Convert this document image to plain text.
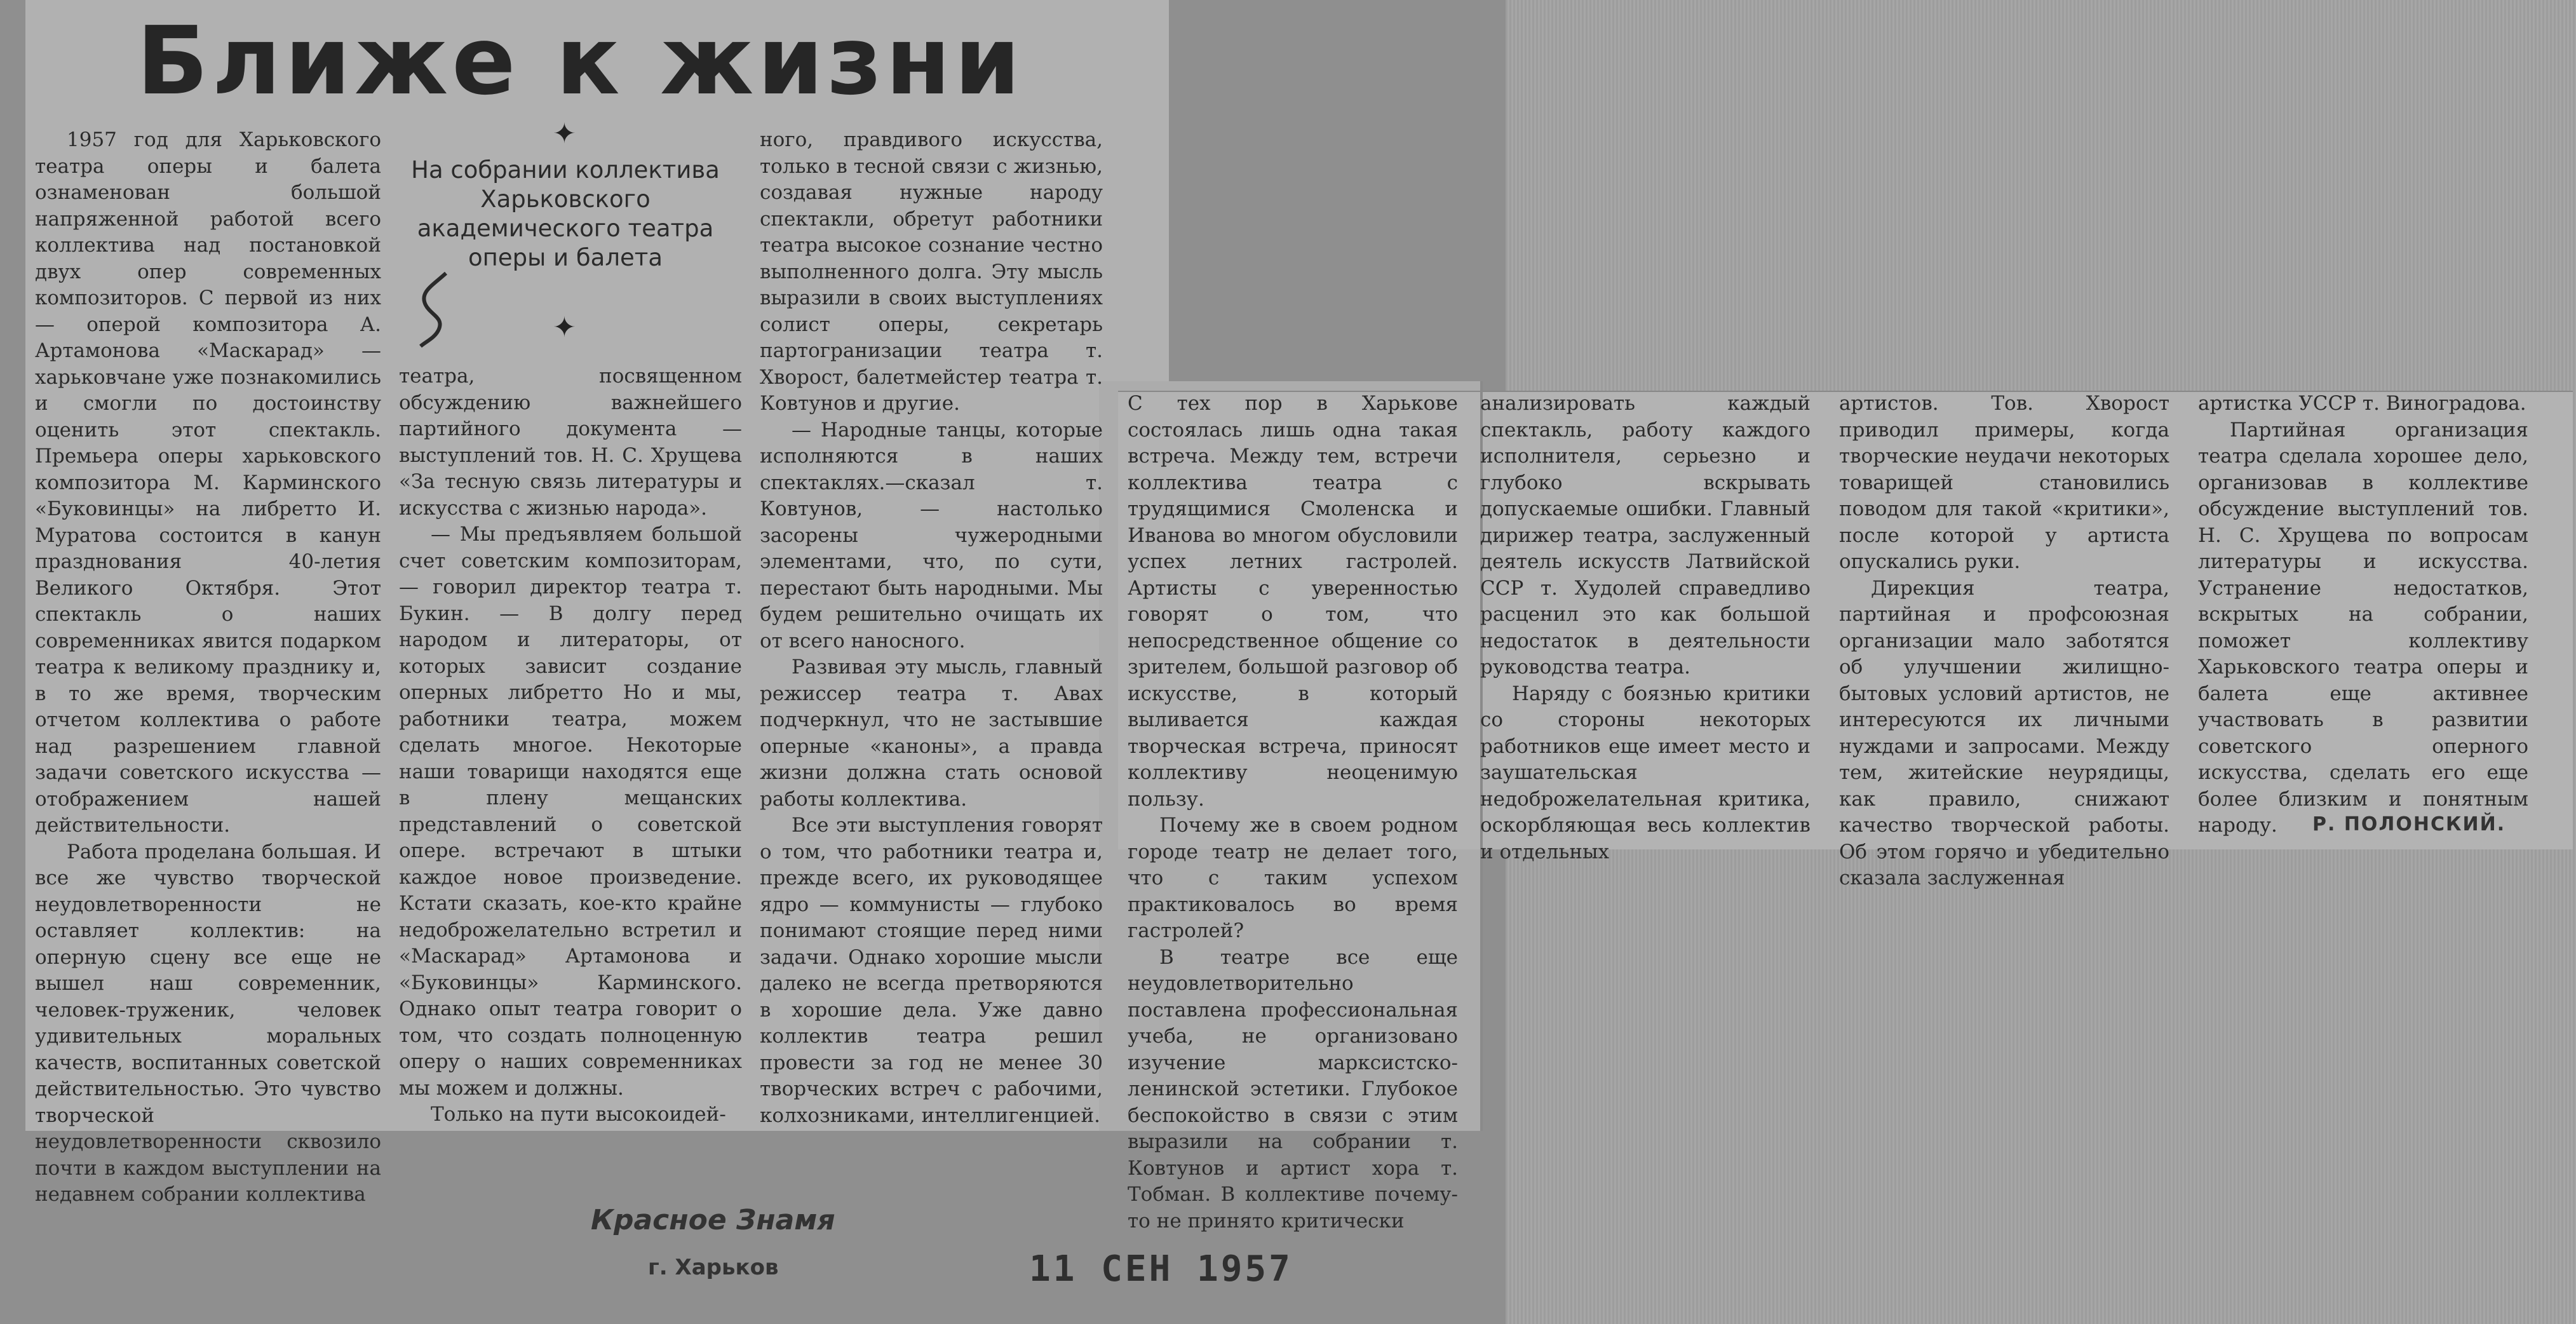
Ближе к жизни
✦
На собрании коллектива Харьковского академического театра оперы и балета
✦

1957 год для Харьковского театра оперы и балета ознаменован большой напряженной работой всего коллектива над постановкой двух опер современных композиторов. С первой из них — оперой композитора А. Артамонова «Маскарад» — харьковчане уже познакомились и смогли по достоинству оценить этот спектакль. Премьера оперы харьковского композитора М. Карминского «Буковинцы» на либретто И. Муратова состоится в канун празднования 40-летия Великого Октября. Этот спектакль о наших современниках явится подарком театра к великому празднику и, в то же время, творческим отчетом коллектива о работе над разрешением главной задачи советского искусства — отображением нашей действительности.

Работа проделана большая. И все же чувство творческой неудовлетворенности не оставляет коллектив: на оперную сцену все еще не вышел наш современник, человек-труженик, человек удивительных моральных качеств, воспитанных советской действительностью. Это чувство творческой неудовлетворенности сквозило почти в каждом выступлении на недавнем собрании коллектива

театра, посвященном обсуждению важнейшего партийного документа — выступлений тов. Н. С. Хрущева «За тесную связь литературы и искусства с жизнью народа».

— Мы предъявляем большой счет советским композиторам, — говорил директор театра т. Букин. — В долгу перед народом и литераторы, от которых зависит создание оперных либретто Но и мы, работники театра, можем сделать многое. Некоторые наши товарищи находятся еще в плену мещанских представлений о советской опере. встречают в штыки каждое новое произведение. Кстати сказать, кое-кто крайне недоброжелательно встретил и «Маскарад» Артамонова и «Буковинцы» Карминского. Однако опыт театра говорит о том, что создать полноценную оперу о наших современниках мы можем и должны.

Только на пути высокоидей-

ного, правдивого искусства, только в тесной связи с жизнью, создавая нужные народу спектакли, обретут работники театра высокое сознание честно выполненного долга. Эту мысль выразили в своих выступлениях солист оперы, секретарь партогранизации театра т. Хворост, балетмейстер театра т. Ковтунов и другие.

— Народные танцы, которые исполняются в наших спектаклях.—сказал т. Ковтунов, — настолько засорены чужеродными элементами, что, по сути, перестают быть народными. Мы будем решительно очищать их от всего наносного.

Развивая эту мысль, главный режиссер театра т. Авах подчеркнул, что не застывшие оперные «каноны», а правда жизни должна стать основой работы коллектива.

Все эти выступления говорят о том, что работники театра и, прежде всего, их руководящее ядро — коммунисты — глубоко понимают стоящие перед ними задачи. Однако хорошие мысли далеко не всегда претворяются в хорошие дела. Уже давно коллектив театра решил провести за год не менее 30 творческих встреч с рабочими, колхозниками, интеллигенцией.

С тех пор в Харькове состоялась лишь одна такая встреча. Между тем, встречи коллектива театра с трудящимися Смоленска и Иванова во многом обусловили успех летних гастролей. Артисты с уверенностью говорят о том, что непосредственное общение со зрителем, большой разговор об искусстве, в который выливается каждая творческая встреча, приносят коллективу неоценимую пользу.

Почему же в своем родном городе театр не делает того, что с таким успехом практиковалось во время гастролей?

В театре все еще неудовлетворительно поставлена профессиональная учеба, не организовано изучение марксистско-ленинской эстетики. Глубокое беспокойство в связи с этим выразили на собрании т. Ковтунов и артист хора т. Тобман. В коллективе почему-то не принято критически

анализировать каждый спектакль, работу каждого исполнителя, серьезно и глубоко вскрывать допускаемые ошибки. Главный дирижер театра, заслуженный деятель искусств Латвийской ССР т. Худолей справедливо расценил это как большой недостаток в деятельности руководства театра.

Наряду с боязнью критики со стороны некоторых работников еще имеет место и заушательская недоброжелательная критика, оскорбляющая весь коллектив и отдельных

артистов. Тов. Хворост приводил примеры, когда творческие неудачи некоторых товарищей становились поводом для такой «критики», после которой у артиста опускались руки.

Дирекция театра, партийная и профсоюзная организации мало заботятся об улучшении жилищно-бытовых условий артистов, не интересуются их личными нуждами и запросами. Между тем, житейские неурядицы, как правило, снижают качество творческой работы. Об этом горячо и убедительно сказала заслуженная

артистка УССР т. Виноградова.

Партийная организация театра сделала хорошее дело, организовав в коллективе обсуждение выступлений тов. Н. С. Хрущева по вопросам литературы и искусства. Устранение недостатков, вскрытых на собрании, поможет коллективу Харьковского театра оперы и балета еще активнее участвовать в развитии советского оперного искусства, сделать его еще более близким и понятным народу.	Р. ПОЛОНСКИЙ.
Красное Знамя
г. Харьков	11 СЕН 1957
